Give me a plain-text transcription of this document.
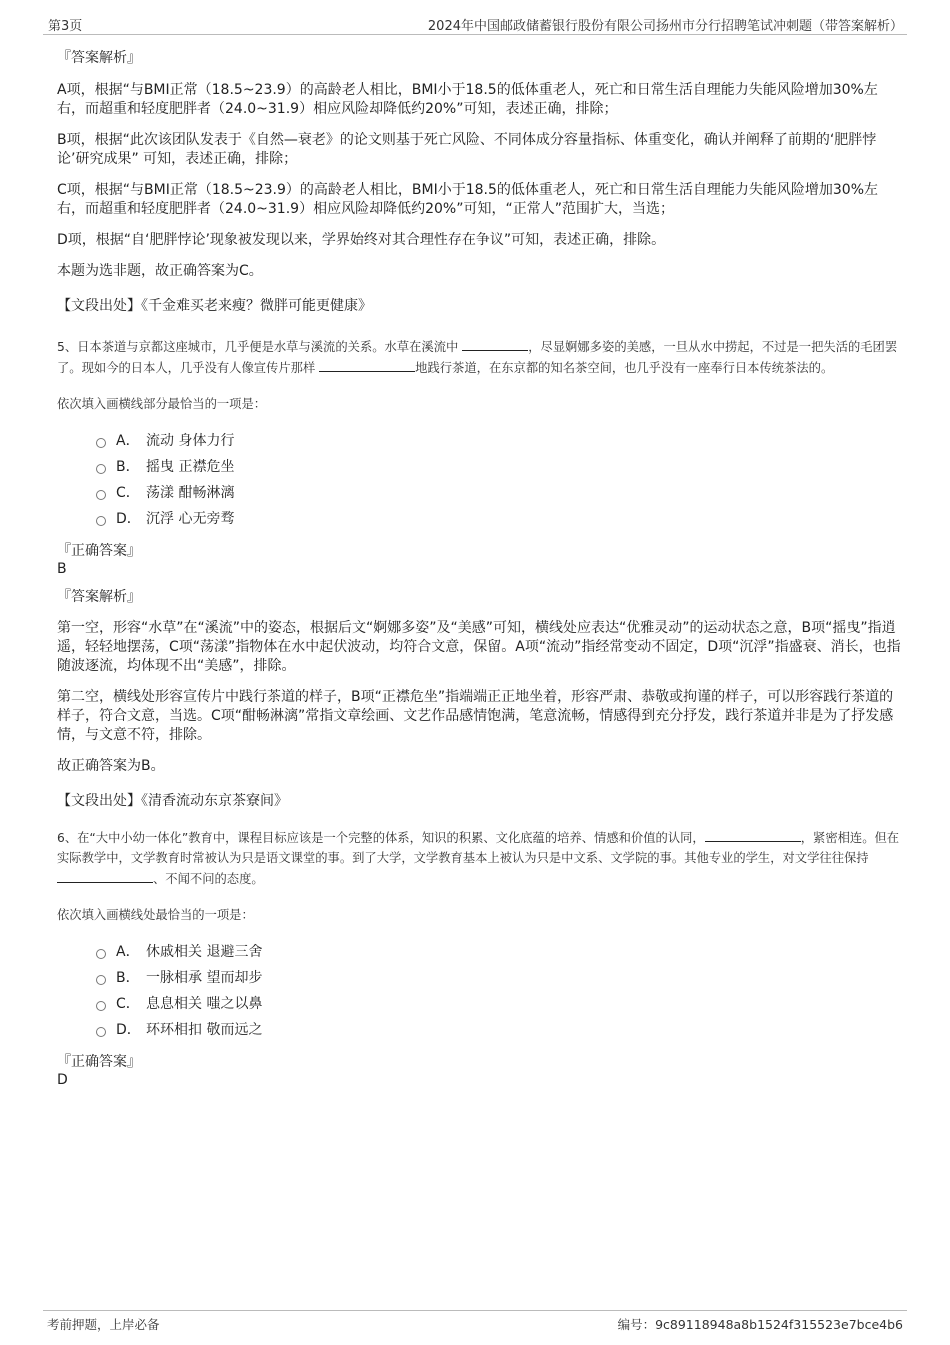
第3页	2024年中国邮政储蓄银行股份有限公司扬州市分行招聘笔试冲刺题（带答案解析）
『答案解析』
A项，根据“与BMI正常（18.5~23.9）的高龄老人相比，BMI小于18.5的低体重老人，死亡和日常生活自理能力失能风险增加30%左右，而超重和轻度肥胖者（24.0~31.9）相应风险却降低约20%”可知，表述正确，排除；
B项，根据“此次该团队发表于《自然—衰老》的论文则基于死亡风险、不同体成分容量指标、体重变化，确认并阐释了前期的‘肥胖悖论’研究成果” 可知，表述正确，排除；
C项，根据“与BMI正常（18.5~23.9）的高龄老人相比，BMI小于18.5的低体重老人，死亡和日常生活自理能力失能风险增加30%左右，而超重和轻度肥胖者（24.0~31.9）相应风险却降低约20%”可知，“正常人”范围扩大，当选；
D项，根据“自‘肥胖悖论’现象被发现以来，学界始终对其合理性存在争议”可知，表述正确，排除。
本题为选非题，故正确答案为C。
【文段出处】《千金难买老来瘦？微胖可能更健康》
5、日本茶道与京都这座城市，几乎便是水草与溪流的关系。水草在溪流中	，尽显婀娜多姿的美感，一旦从水中捞起，不过是一把失活的毛团罢了。现如今的日本人，几乎没有人像宣传片那样	地践行茶道，在东京都的知名茶空间，也几乎没有一座奉行日本传统茶法的。
依次填入画横线部分最恰当的一项是：
A． 流动 身体力行
B． 摇曳 正襟危坐
C． 荡漾 酣畅淋漓
D． 沉浮 心无旁骛
『正确答案』
B
『答案解析』
第一空，形容“水草”在“溪流”中的姿态，根据后文“婀娜多姿”及“美感”可知，横线处应表达“优雅灵动”的运动状态之意，B项“摇曳”指逍遥，轻轻地摆荡，C项“荡漾”指物体在水中起伏波动，均符合文意，保留。A项“流动”指经常变动不固定，D项“沉浮”指盛衰、消长，也指随波逐流，均体现不出“美感”，排除。
第二空，横线处形容宣传片中践行茶道的样子，B项“正襟危坐”指端端正正地坐着，形容严肃、恭敬或拘谨的样子，可以形容践行茶道的样子，符合文意，当选。C项“酣畅淋漓”常指文章绘画、文艺作品感情饱满，笔意流畅，情感得到充分抒发，践行茶道并非是为了抒发感情，与文意不符，排除。
故正确答案为B。
【文段出处】《清香流动东京茶寮间》
6、在“大中小幼一体化”教育中，课程目标应该是一个完整的体系，知识的积累、文化底蕴的培养、情感和价值的认同，	，紧密相连。但在实际教学中，文学教育时常被认为只是语文课堂的事。到了大学，文学教育基本上被认为只是中文系、文学院的事。其他专业的学生，对文学往往保持 、不闻不问的态度。
依次填入画横线处最恰当的一项是：
A． 休戚相关 退避三舍
B． 一脉相承 望而却步
C． 息息相关 嗤之以鼻
D． 环环相扣 敬而远之
『正确答案』
D
考前押题，上岸必备	编号：9c89118948a8b1524f315523e7bce4b6
